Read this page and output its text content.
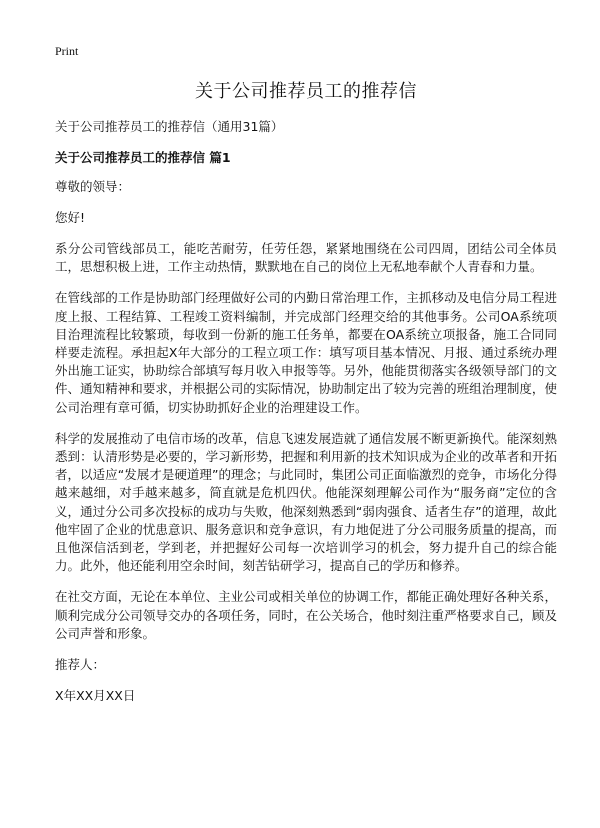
Print
关于公司推荐员工的推荐信
关于公司推荐员工的推荐信（通用31篇）
关于公司推荐员工的推荐信 篇1
尊敬的领导：
您好!

系分公司管线部员工，能吃苦耐劳，任劳任怨，紧紧地围绕在公司四周，团结公司全体员工，思想积极上进，工作主动热情，默默地在自己的岗位上无私地奉献个人青春和力量。

在管线部的工作是协助部门经理做好公司的内勤日常治理工作，主抓移动及电信分局工程进度上报、工程结算、工程竣工资料编制，并完成部门经理交给的其他事务。公司OA系统项目治理流程比较繁琐，每收到一份新的施工任务单，都要在OA系统立项报备，施工合同同样要走流程。承担起X年大部分的工程立项工作：填写项目基本情况、月报、通过系统办理外出施工证实，协助综合部填写每月收入申报等等。另外，他能贯彻落实各级领导部门的文件、通知精神和要求，并根据公司的实际情况，协助制定出了较为完善的班组治理制度，使公司治理有章可循，切实协助抓好企业的治理建设工作。

科学的发展推动了电信市场的改革，信息飞速发展造就了通信发展不断更新换代。能深刻熟悉到：认清形势是必要的，学习新形势，把握和利用新的技术知识成为企业的改革者和开拓者，以适应“发展才是硬道理”的理念；与此同时，集团公司正面临激烈的竞争，市场化分得越来越细，对手越来越多，简直就是危机四伏。他能深刻理解公司作为“服务商”定位的含义，通过分公司多次投标的成功与失败，他深刻熟悉到“弱肉强食、适者生存”的道理，故此他牢固了企业的忧患意识、服务意识和竞争意识，有力地促进了分公司服务质量的提高，而且他深信活到老，学到老，并把握好公司每一次培训学习的机会，努力提升自己的综合能力。此外，他还能利用空余时间，刻苦钻研学习，提高自己的学历和修养。

在社交方面，无论在本单位、主业公司或相关单位的协调工作，都能正确处理好各种关系，顺利完成分公司领导交办的各项任务，同时，在公关场合，他时刻注重严格要求自己，顾及公司声誉和形象。

推荐人：
X年XX月XX日
